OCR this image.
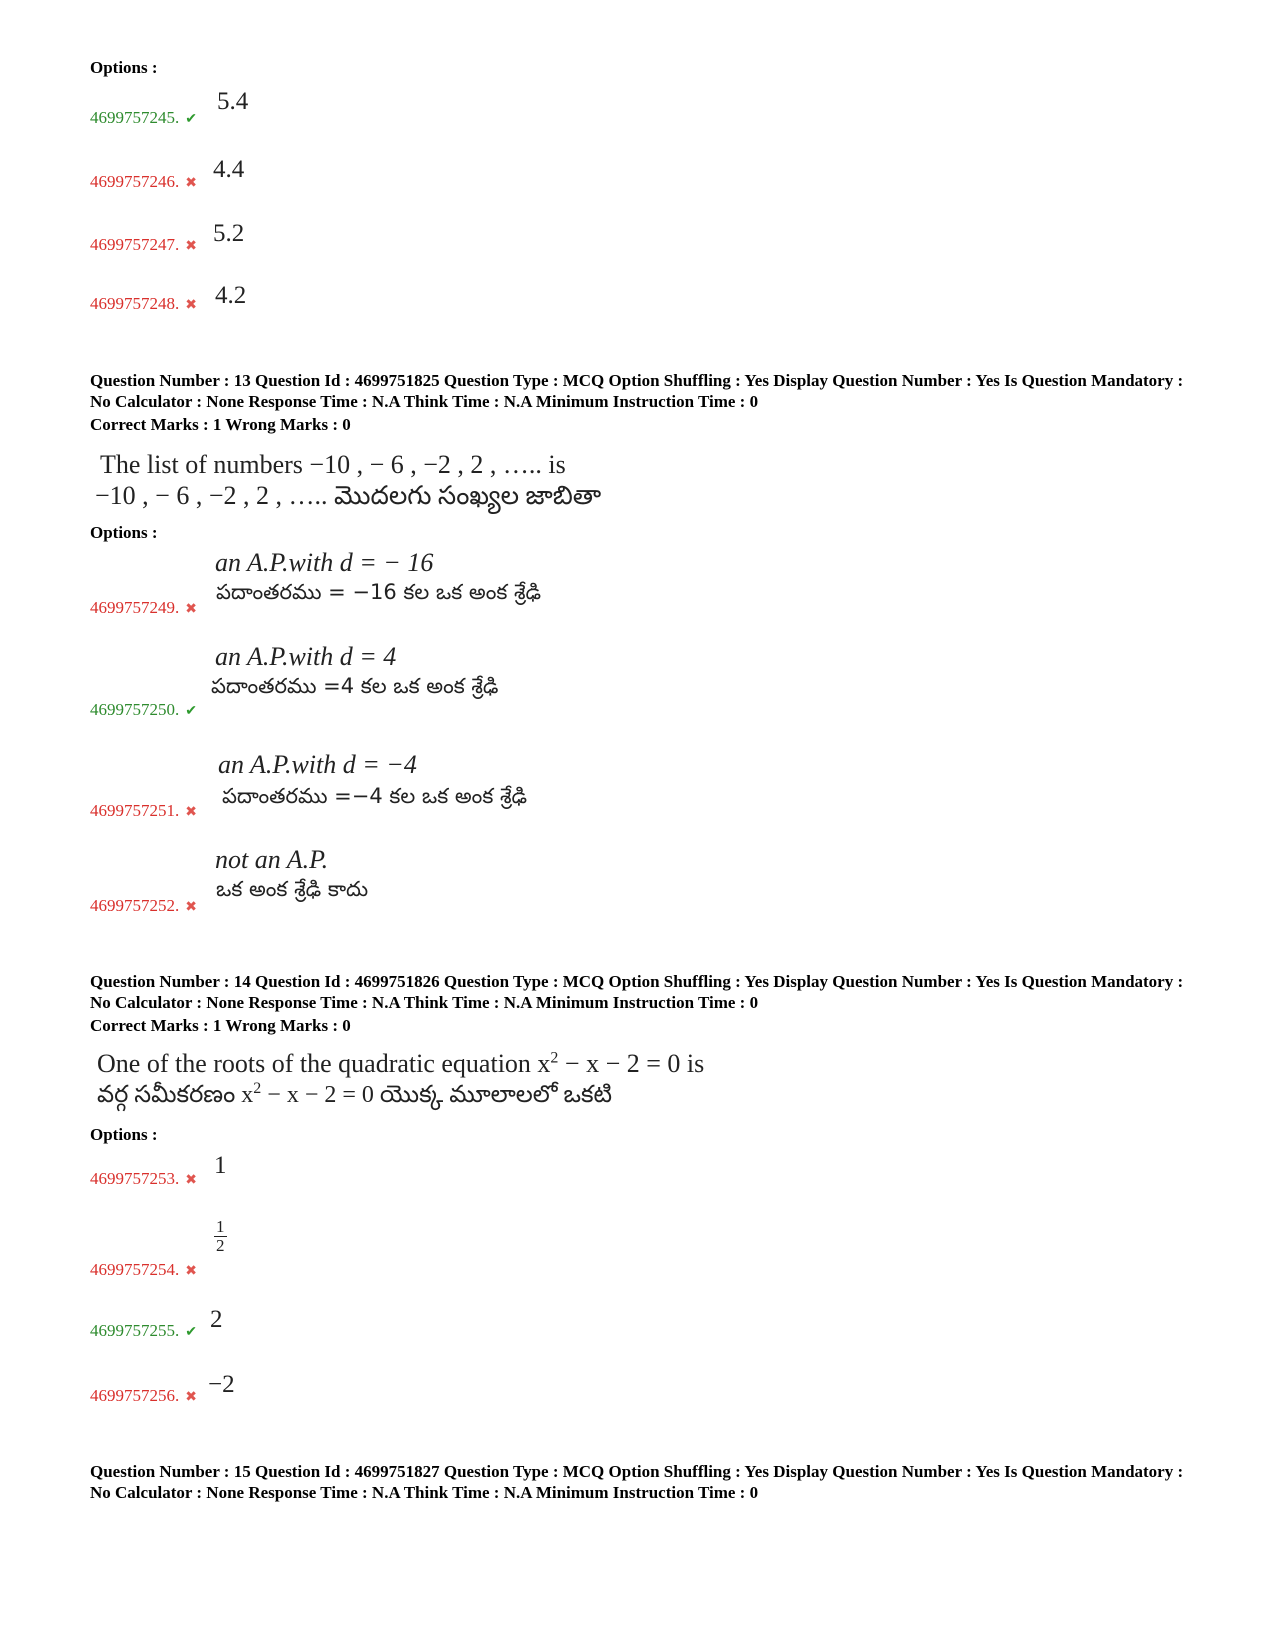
Options :
4699757245. ✔
5.4
4699757246. ✖
4.4
4699757247. ✖ 5.2
4699757248. ✖ 4.2
Question Number : 13 Question Id : 4699751825 Question Type : MCQ Option Shuffling : Yes Display Question Number : Yes Is Question Mandatory : No Calculator : None Response Time : N.A Think Time : N.A Minimum Instruction Time : 0
Correct Marks : 1 Wrong Marks : 0
The list of numbers −10 , − 6 , −2 , 2 , ….. is
−10 , − 6 , −2 , 2 , ….. మొదలగు సంఖ్యల జాబితా
Options :
an A.P.with d = − 16
పదాంతరము = −16 కల ఒక అంక శ్రేఢి
4699757249. ✖
an A.P.with d = 4
పదాంతరము =4 కల ఒక అంక శ్రేఢి
4699757250. ✔
an A.P.with d = −4
పదాంతరము =−4 కల ఒక అంక శ్రేఢి
4699757251. ✖
not an A.P.
ఒక అంక శ్రేఢి కాదు
4699757252. ✖
Question Number : 14 Question Id : 4699751826 Question Type : MCQ Option Shuffling : Yes Display Question Number : Yes Is Question Mandatory : No Calculator : None Response Time : N.A Think Time : N.A Minimum Instruction Time : 0
Correct Marks : 1 Wrong Marks : 0
One of the roots of the quadratic equation $x^2 - x - 2 = 0$ is
వర్గ సమీకరణం $x^2 - x - 2 = 0$ యొక్క మూలాలలో ఒకటి
Options :
1
4699757253. ✖
$\frac{1}{2}$
4699757254. ✖
2
4699757255. ✔
−2
4699757256. ✖
Question Number : 15 Question Id : 4699751827 Question Type : MCQ Option Shuffling : Yes Display Question Number : Yes Is Question Mandatory : No Calculator : None Response Time : N.A Think Time : N.A Minimum Instruction Time : 0
